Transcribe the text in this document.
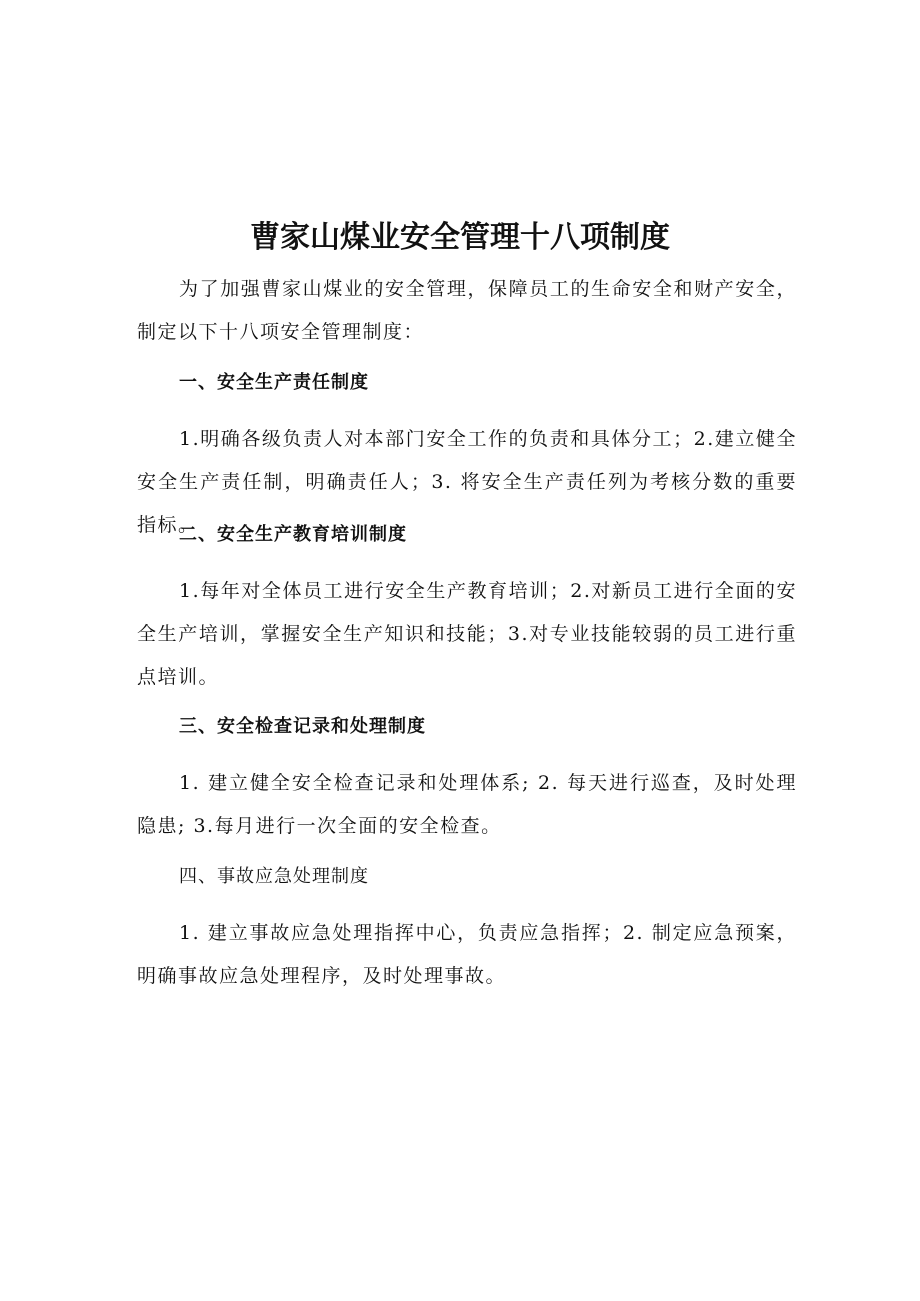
曹家山煤业安全管理十八项制度

为了加强曹家山煤业的安全管理，保障员工的生命安全和财产安全，制定以下十八项安全管理制度：

一、安全生产责任制度

1.明确各级负责人对本部门安全工作的负责和具体分工；2.建立健全安全生产责任制，明确责任人；3. 将安全生产责任列为考核分数的重要指标。

二、安全生产教育培训制度

1.每年对全体员工进行安全生产教育培训；2.对新员工进行全面的安全生产培训，掌握安全生产知识和技能；3.对专业技能较弱的员工进行重点培训。

三、安全检查记录和处理制度

1. 建立健全安全检查记录和处理体系; 2. 每天进行巡查，及时处理隐患; 3.每月进行一次全面的安全检查。

四、事故应急处理制度

1. 建立事故应急处理指挥中心，负责应急指挥；2. 制定应急预案，明确事故应急处理程序，及时处理事故。
